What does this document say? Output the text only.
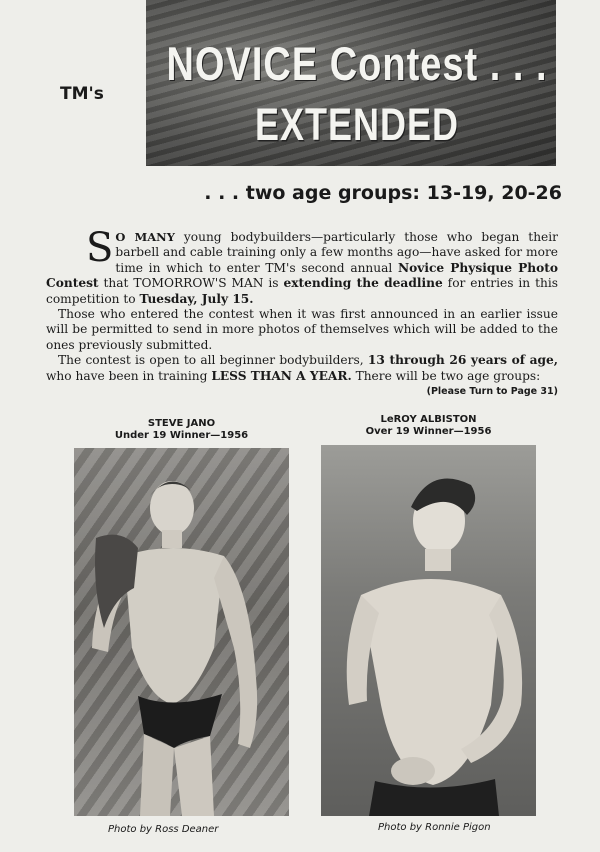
TM's
NOVICE Contest . . .
EXTENDED
. . . two age groups: 13-19, 20-26

S O MANY young bodybuilders—particularly those who began their barbell and cable training only a few months ago—have asked for more time in which to enter TM's second annual Novice Physique Photo Contest that TOMORROW'S MAN is extending the deadline for entries in this competition to Tuesday, July 15.

Those who entered the contest when it was first announced in an earlier issue will be permitted to send in more photos of themselves which will be added to the ones previously submitted.

The contest is open to all beginner bodybuilders, 13 through 26 years of age, who have been in training LESS THAN A YEAR. There will be two age groups:

(Please Turn to Page 31)
STEVE JANO
Under 19 Winner—1956
Photo by Ross Deaner
LeROY ALBISTON
Over 19 Winner—1956
Photo by Ronnie Pigon
